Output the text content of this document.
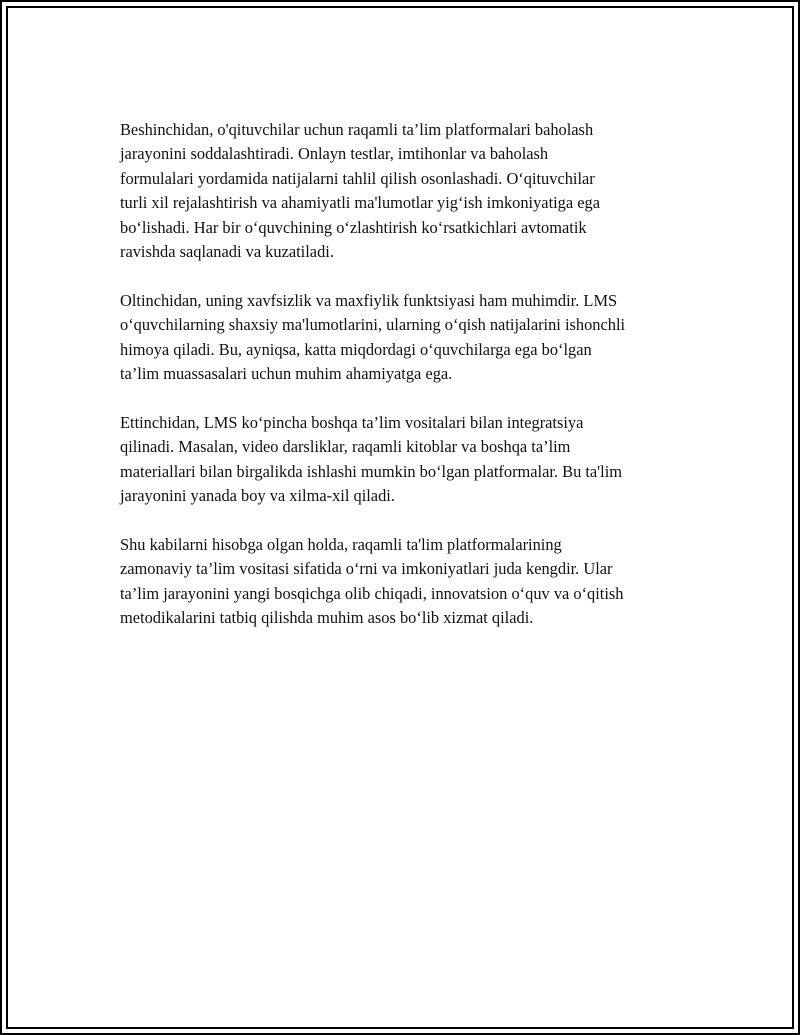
Beshinchidan, o'qituvchilar uchun raqamli ta’lim platformalari baholash
jarayonini soddalashtiradi. Onlayn testlar, imtihonlar va baholash
formulalari yordamida natijalarni tahlil qilish osonlashadi. O‘qituvchilar
turli xil rejalashtirish va ahamiyatli ma'lumotlar yig‘ish imkoniyatiga ega
bo‘lishadi. Har bir o‘quvchining o‘zlashtirish ko‘rsatkichlari avtomatik
ravishda saqlanadi va kuzatiladi.

Oltinchidan, uning xavfsizlik va maxfiylik funktsiyasi ham muhimdir. LMS
o‘quvchilarning shaxsiy ma'lumotlarini, ularning o‘qish natijalarini ishonchli
himoya qiladi. Bu, ayniqsa, katta miqdordagi o‘quvchilarga ega bo‘lgan
ta’lim muassasalari uchun muhim ahamiyatga ega.

Ettinchidan, LMS ko‘pincha boshqa ta’lim vositalari bilan integratsiya
qilinadi. Masalan, video darsliklar, raqamli kitoblar va boshqa ta’lim
materiallari bilan birgalikda ishlashi mumkin bo‘lgan platformalar. Bu ta'lim
jarayonini yanada boy va xilma-xil qiladi.

Shu kabilarni hisobga olgan holda, raqamli ta'lim platformalarining
zamonaviy ta’lim vositasi sifatida o‘rni va imkoniyatlari juda kengdir. Ular
ta’lim jarayonini yangi bosqichga olib chiqadi, innovatsion o‘quv va o‘qitish
metodikalarini tatbiq qilishda muhim asos bo‘lib xizmat qiladi.
